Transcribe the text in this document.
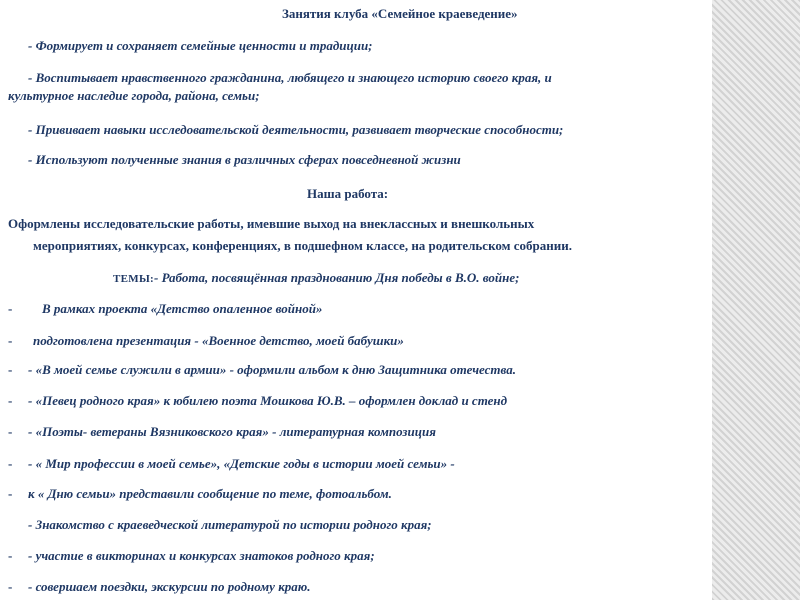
Занятия клуба «Семейное краеведение»
- Формирует и сохраняет семейные ценности и традиции;
- Воспитывает нравственного гражданина, любящего и знающего историю своего края, и
культурное наследие города, района, семьи;
- Прививает навыки исследовательской деятельности, развивает творческие способности;
- Используют полученные знания в различных сферах повседневной жизни
Наша работа:
Оформлены исследовательские работы, имевшие выход на внеклассных и внешкольных
мероприятиях, конкурсах, конференциях, в подшефном классе, на родительском собрании.
ТЕМЫ:- Работа, посвящённая празднованию Дня победы в В.О. войне;
- В рамках проекта «Детство опаленное войной»
- подготовлена презентация - «Военное детство, моей бабушки»
- - «В моей семье служили в армии» - оформили альбом к дню Защитника отечества.
- - «Певец родного края» к юбилею поэта Мошкова Ю.В. – оформлен доклад и стенд
- - «Поэты- ветераны Вязниковского края» - литературная композиция
- - « Мир профессии в моей семье», «Детские годы в истории моей семьи» -
- к « Дню семьи» представили сообщение по теме, фотоальбом.
- Знакомство с краеведческой литературой по истории родного края;
- - участие в викторинах и конкурсах знатоков родного края;
- - совершаем поездки, экскурсии по родному краю.
